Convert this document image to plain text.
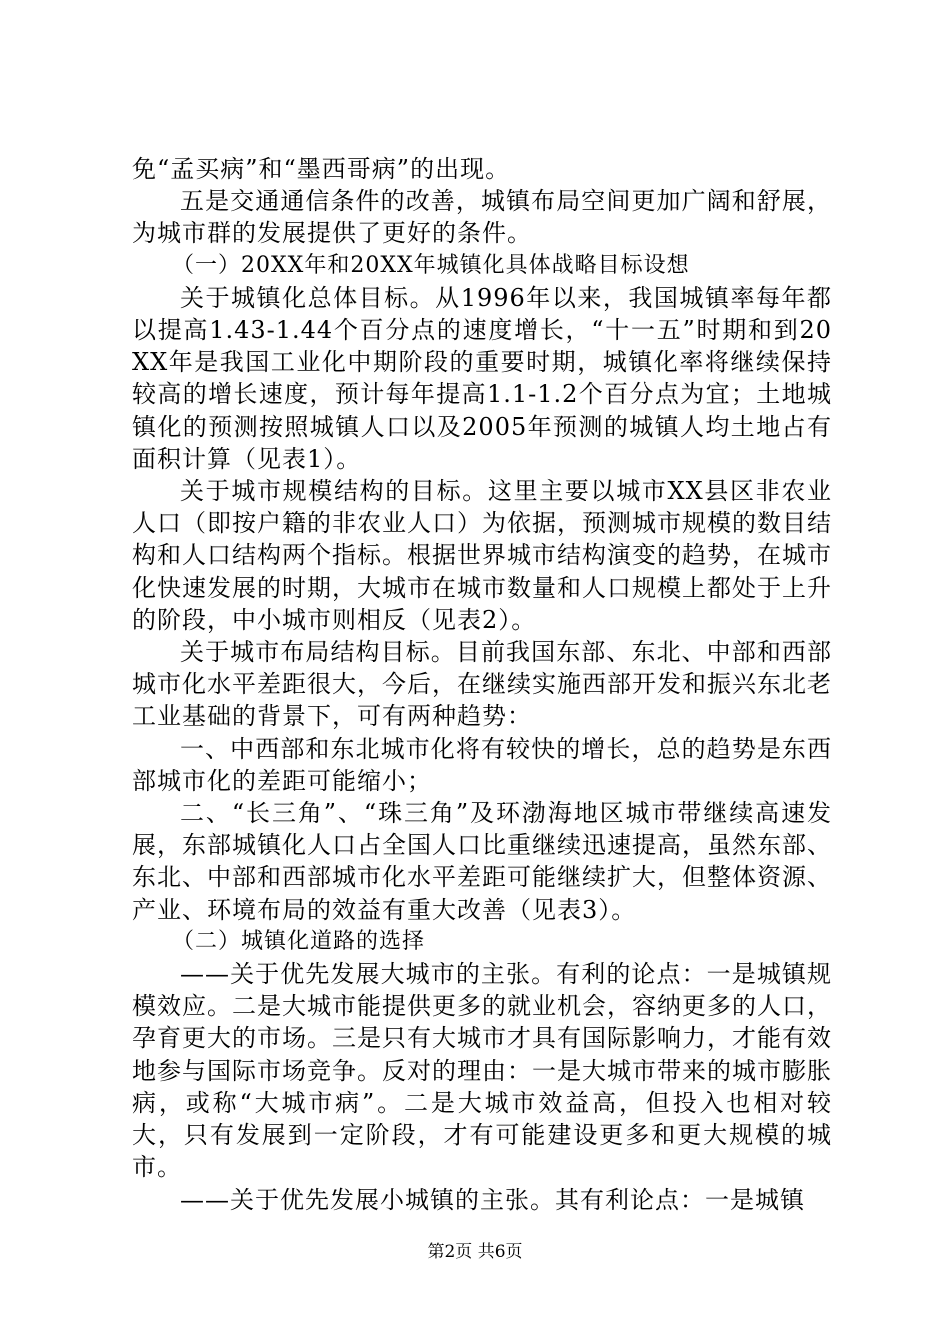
免“孟买病”和“墨西哥病”的出现。

五是交通通信条件的改善，城镇布局空间更加广阔和舒展，为城市群的发展提供了更好的条件。

（一）20XX年和20XX年城镇化具体战略目标设想

关于城镇化总体目标。从1996年以来，我国城镇率每年都以提高1.43-1.44个百分点的速度增长，“十一五”时期和到20XX年是我国工业化中期阶段的重要时期，城镇化率将继续保持较高的增长速度，预计每年提高1.1-1.2个百分点为宜；土地城镇化的预测按照城镇人口以及2005年预测的城镇人均土地占有面积计算（见表1）。

关于城市规模结构的目标。这里主要以城市XX县区非农业人口（即按户籍的非农业人口）为依据，预测城市规模的数目结构和人口结构两个指标。根据世界城市结构演变的趋势，在城市化快速发展的时期，大城市在城市数量和人口规模上都处于上升的阶段，中小城市则相反（见表2）。

关于城市布局结构目标。目前我国东部、东北、中部和西部城市化水平差距很大，今后，在继续实施西部开发和振兴东北老工业基础的背景下，可有两种趋势：

一、中西部和东北城市化将有较快的增长，总的趋势是东西部城市化的差距可能缩小；

二、“长三角”、“珠三角”及环渤海地区城市带继续高速发展，东部城镇化人口占全国人口比重继续迅速提高，虽然东部、东北、中部和西部城市化水平差距可能继续扩大，但整体资源、产业、环境布局的效益有重大改善（见表3）。

（二）城镇化道路的选择

——关于优先发展大城市的主张。有利的论点：一是城镇规模效应。二是大城市能提供更多的就业机会，容纳更多的人口，孕育更大的市场。三是只有大城市才具有国际影响力，才能有效地参与国际市场竞争。反对的理由：一是大城市带来的城市膨胀病，或称“大城市病”。二是大城市效益高，但投入也相对较大，只有发展到一定阶段，才有可能建设更多和更大规模的城市。

——关于优先发展小城镇的主张。其有利论点：一是城镇

第2页 共6页
